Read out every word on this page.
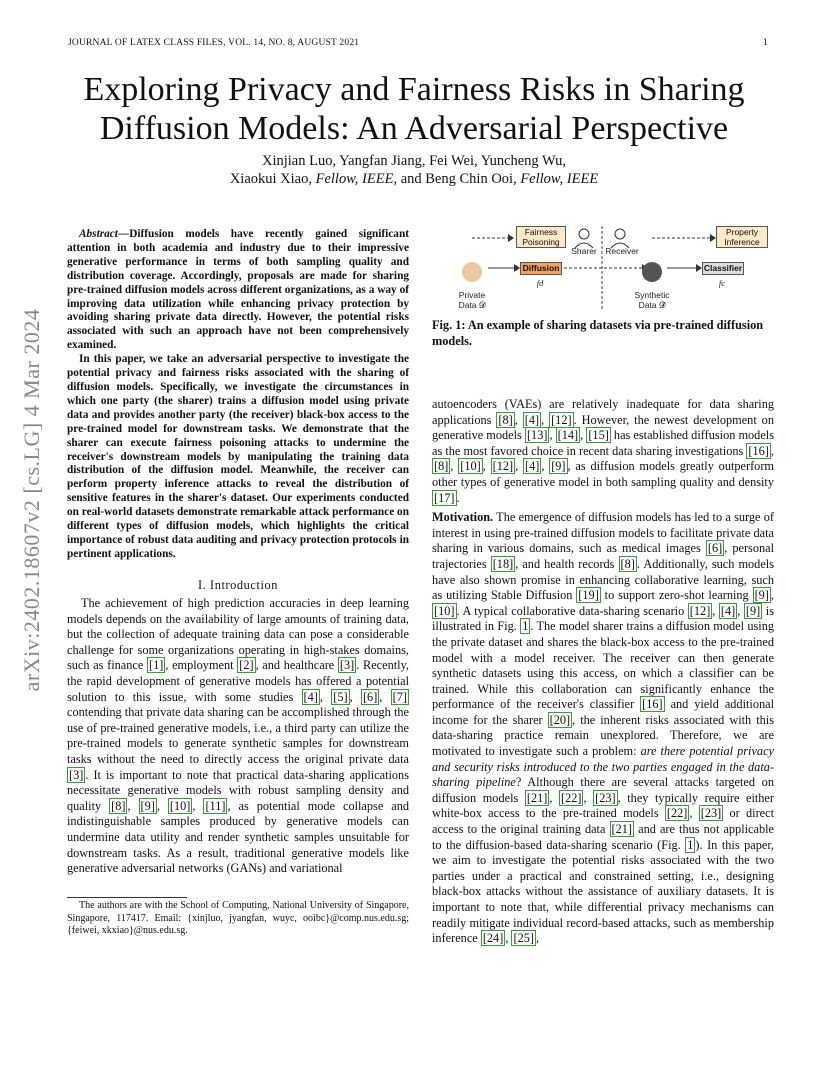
JOURNAL OF LATEX CLASS FILES, VOL. 14, NO. 8, AUGUST 2021	1
arXiv:2402.18607v2 [cs.LG] 4 Mar 2024
Exploring Privacy and Fairness Risks in Sharing
Diffusion Models: An Adversarial Perspective
Xinjian Luo, Yangfan Jiang, Fei Wei, Yuncheng Wu,
Xiaokui Xiao, Fellow, IEEE, and Beng Chin Ooi, Fellow, IEEE

Abstract—Diffusion models have recently gained significant attention in both academia and industry due to their impressive generative performance in terms of both sampling quality and distribution coverage. Accordingly, proposals are made for sharing pre-trained diffusion models across different organizations, as a way of improving data utilization while enhancing privacy protection by avoiding sharing private data directly. However, the potential risks associated with such an approach have not been comprehensively examined.

In this paper, we take an adversarial perspective to investigate the potential privacy and fairness risks associated with the sharing of diffusion models. Specifically, we investigate the circumstances in which one party (the sharer) trains a diffusion model using private data and provides another party (the receiver) black-box access to the pre-trained model for downstream tasks. We demonstrate that the sharer can execute fairness poisoning attacks to undermine the receiver's downstream models by manipulating the training data distribution of the diffusion model. Meanwhile, the receiver can perform property inference attacks to reveal the distribution of sensitive features in the sharer's dataset. Our experiments conducted on real-world datasets demonstrate remarkable attack performance on different types of diffusion models, which highlights the critical importance of robust data auditing and privacy protection protocols in pertinent applications.

I. Introduction

The achievement of high prediction accuracies in deep learning models depends on the availability of large amounts of training data, but the collection of adequate training data can pose a considerable challenge for some organizations operating in high-stakes domains, such as finance [1] , employment [2] , and healthcare [3] . Recently, the rapid development of generative models has offered a potential solution to this issue, with some studies [4] , [5] , [6] , [7] contending that private data sharing can be accomplished through the use of pre-trained generative models, i.e., a third party can utilize the pre-trained models to generate synthetic samples for downstream tasks without the need to directly access the original private data [3] . It is important to note that practical data-sharing applications necessitate generative models with robust sampling density and quality [8] , [9] , [10] , [11] , as potential mode collapse and indistinguishable samples produced by generative models can undermine data utility and render synthetic samples unsuitable for downstream tasks. As a result, traditional generative models like generative adversarial networks (GANs) and variational

The authors are with the School of Computing, National University of Singapore, Singapore, 117417. Email: {xinjluo, jyangfan, wuyc, ooibc}@comp.nus.edu.sg; {feiwei, xkxiao}@nus.edu.sg.
Fairness Poisoning
Property Inference
Sharer Receiver
Diffusion	Classifier
fd	fc
Private Data 𝓓
Synthetic Data 𝓓̂
Fig. 1: An example of sharing datasets via pre-trained diffusion models.

autoencoders (VAEs) are relatively inadequate for data sharing applications [8] , [4] , [12] . However, the newest development on generative models [13] , [14] , [15] has established diffusion models as the most favored choice in recent data sharing investigations [16] , [8] , [10] , [12] , [4] , [9] , as diffusion models greatly outperform other types of generative model in both sampling quality and density [17] .

Motivation. The emergence of diffusion models has led to a surge of interest in using pre-trained diffusion models to facilitate private data sharing in various domains, such as medical images [6] , personal trajectories [18] , and health records [8] . Additionally, such models have also shown promise in enhancing collaborative learning, such as utilizing Stable Diffusion [19] to support zero-shot learning [9] , [10] . A typical collaborative data-sharing scenario [12] , [4] , [9] is illustrated in Fig. 1 . The model sharer trains a diffusion model using the private dataset and shares the black-box access to the pre-trained model with a model receiver. The receiver can then generate synthetic datasets using this access, on which a classifier can be trained. While this collaboration can significantly enhance the performance of the receiver's classifier [16] and yield additional income for the sharer [20] , the inherent risks associated with this data-sharing practice remain unexplored. Therefore, we are motivated to investigate such a problem: are there potential privacy and security risks introduced to the two parties engaged in the data-sharing pipeline? Although there are several attacks targeted on diffusion models [21] , [22] , [23] , they typically require either white-box access to the pre-trained models [22] , [23] or direct access to the original training data [21] and are thus not applicable to the diffusion-based data-sharing scenario (Fig. 1 ). In this paper, we aim to investigate the potential risks associated with the two parties under a practical and constrained setting, i.e., designing black-box attacks without the assistance of auxiliary datasets. It is important to note that, while differential privacy mechanisms can readily mitigate individual record-based attacks, such as membership inference [24] , [25] ,
